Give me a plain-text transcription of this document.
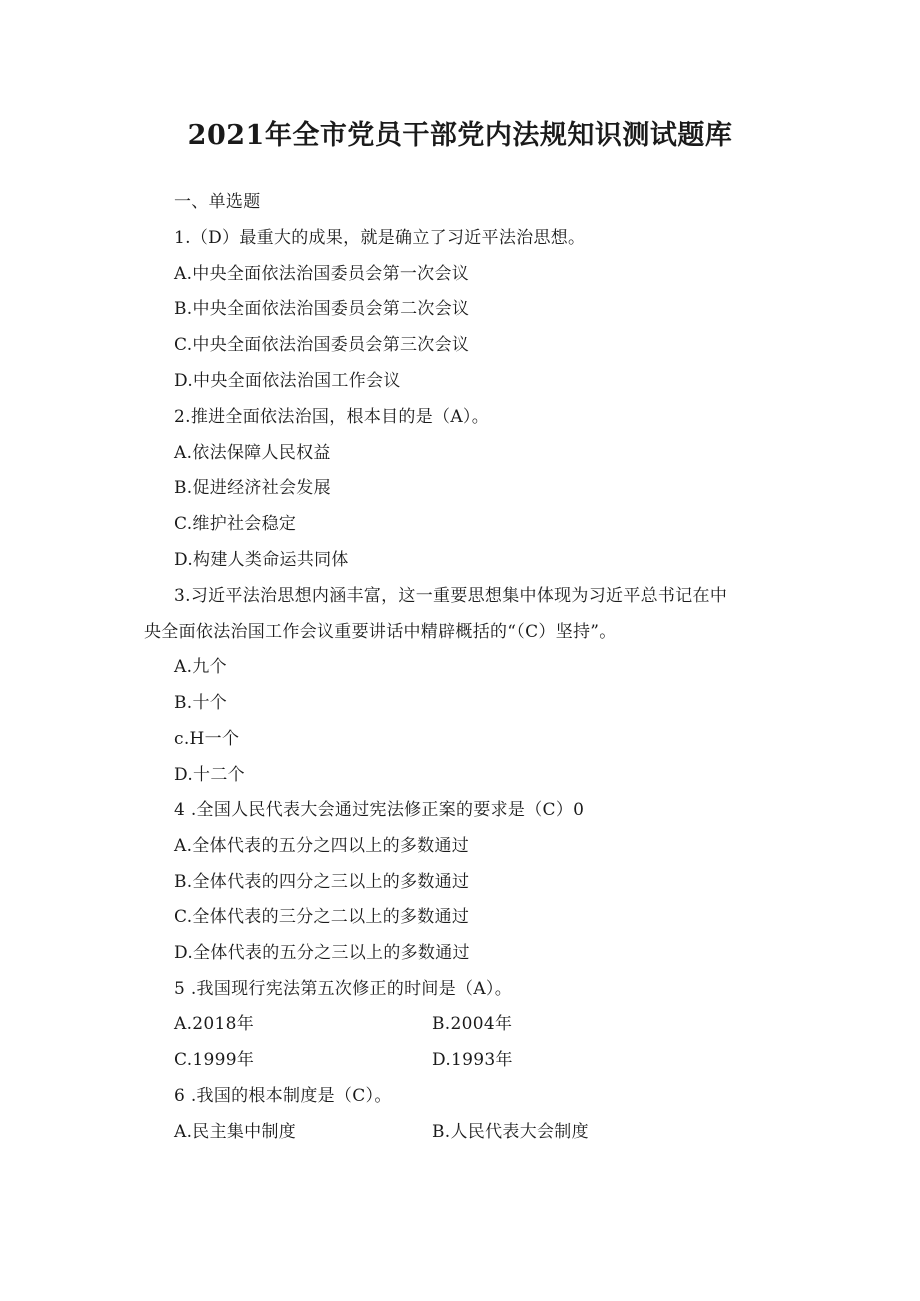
2021年全市党员干部党内法规知识测试题库
一、单选题
1.（D）最重大的成果，就是确立了习近平法治思想。
A.中央全面依法治国委员会第一次会议
B.中央全面依法治国委员会第二次会议
C.中央全面依法治国委员会第三次会议
D.中央全面依法治国工作会议
2.推进全面依法治国，根本目的是（A）。
A.依法保障人民权益
B.促进经济社会发展
C.维护社会稳定
D.构建人类命运共同体
3.习近平法治思想内涵丰富，这一重要思想集中体现为习近平总书记在中
央全面依法治国工作会议重要讲话中精辟概括的“（C）坚持”。
A.九个
B.十个
c.H一个
D.十二个
4 .全国人民代表大会通过宪法修正案的要求是（C）0
A.全体代表的五分之四以上的多数通过
B.全体代表的四分之三以上的多数通过
C.全体代表的三分之二以上的多数通过
D.全体代表的五分之三以上的多数通过
5 .我国现行宪法第五次修正的时间是（A）。
A.2018年	B.2004年
C.1999年	D.1993年
6 .我国的根本制度是（C）。
A.民主集中制度	B.人民代表大会制度
